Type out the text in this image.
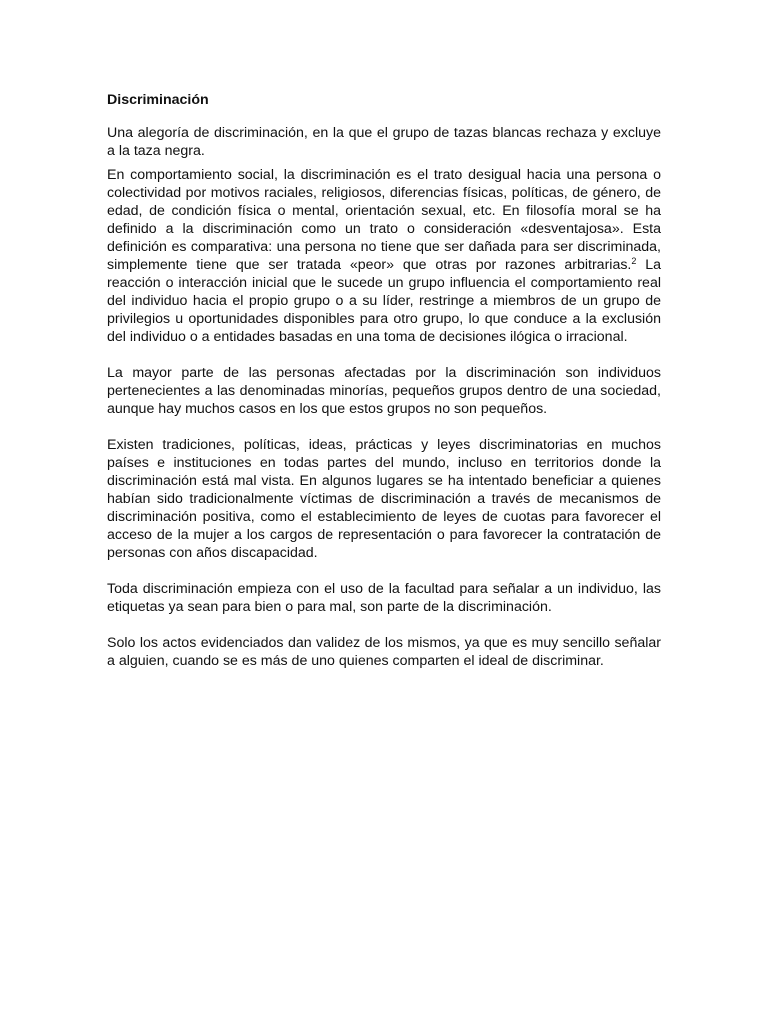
Discriminación

Una alegoría de discriminación, en la que el grupo de tazas blancas rechaza y excluye a la taza negra.

En comportamiento social, la discriminación es el trato desigual hacia una persona o colectividad por motivos raciales, religiosos, diferencias físicas, políticas, de género, de edad, de condición física o mental, orientación sexual, etc. En filosofía moral se ha definido a la discriminación como un trato o consideración «desventajosa». Esta definición es comparativa: una persona no tiene que ser dañada para ser discriminada, simplemente tiene que ser tratada «peor» que otras por razones arbitrarias.$^2$ La reacción o interacción inicial que le sucede un grupo influencia el comportamiento real del individuo hacia el propio grupo o a su líder, restringe a miembros de un grupo de privilegios u oportunidades disponibles para otro grupo, lo que conduce a la exclusión del individuo o a entidades basadas en una toma de decisiones ilógica o irracional.

La mayor parte de las personas afectadas por la discriminación son individuos pertenecientes a las denominadas minorías, pequeños grupos dentro de una sociedad, aunque hay muchos casos en los que estos grupos no son pequeños.

Existen tradiciones, políticas, ideas, prácticas y leyes discriminatorias en muchos países e instituciones en todas partes del mundo, incluso en territorios donde la discriminación está mal vista. En algunos lugares se ha intentado beneficiar a quienes habían sido tradicionalmente víctimas de discriminación a través de mecanismos de discriminación positiva, como el establecimiento de leyes de cuotas para favorecer el acceso de la mujer a los cargos de representación o para favorecer la contratación de personas con años discapacidad.

Toda discriminación empieza con el uso de la facultad para señalar a un individuo, las etiquetas ya sean para bien o para mal, son parte de la discriminación.

Solo los actos evidenciados dan validez de los mismos, ya que es muy sencillo señalar a alguien, cuando se es más de uno quienes comparten el ideal de discriminar.
